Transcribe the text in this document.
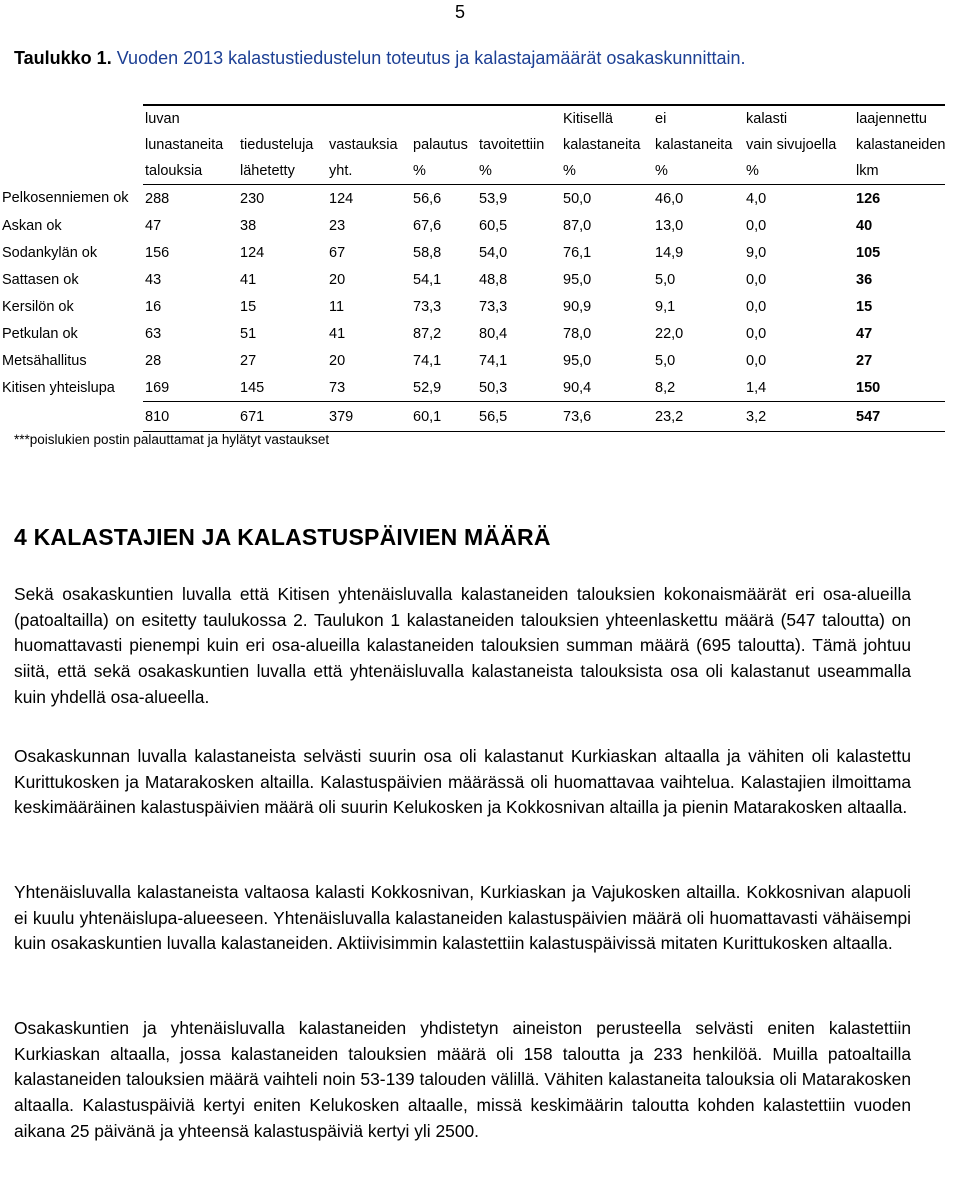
5
Taulukko 1. Vuoden 2013 kalastustiedustelun toteutus ja kalastajamäärät osakaskunnittain.
	luvan					Kitisellä	ei	kalasti	laajennettu
	lunastaneita	tiedusteluja	vastauksia	palautus	tavoitettiin	kalastaneita	kalastaneita	vain sivujoella	kalastaneiden
	talouksia	lähetetty	yht.	%	%	%	%	%	lkm
Pelkosenniemen ok	288	230	124	56,6	53,9	50,0	46,0	4,0	126
Askan ok	47	38	23	67,6	60,5	87,0	13,0	0,0	40
Sodankylän ok	156	124	67	58,8	54,0	76,1	14,9	9,0	105
Sattasen ok	43	41	20	54,1	48,8	95,0	5,0	0,0	36
Kersilön ok	16	15	11	73,3	73,3	90,9	9,1	0,0	15
Petkulan ok	63	51	41	87,2	80,4	78,0	22,0	0,0	47
Metsähallitus	28	27	20	74,1	74,1	95,0	5,0	0,0	27
Kitisen yhteislupa	169	145	73	52,9	50,3	90,4	8,2	1,4	150
	810	671	379	60,1	56,5	73,6	23,2	3,2	547
***poislukien postin palauttamat ja hylätyt vastaukset
4 KALASTAJIEN JA KALASTUSPÄIVIEN MÄÄRÄ

Sekä osakaskuntien luvalla että Kitisen yhtenäisluvalla kalastaneiden talouksien kokonaismäärät eri osa-alueilla (patoaltailla) on esitetty taulukossa 2. Taulukon 1 kalastaneiden talouksien yhteenlaskettu määrä (547 taloutta) on huomattavasti pienempi kuin eri osa-alueilla kalastaneiden talouksien summan määrä (695 taloutta). Tämä johtuu siitä, että sekä osakaskuntien luvalla että yhtenäisluvalla kalastaneista talouksista osa oli kalastanut useammalla kuin yhdellä osa-alueella.

Osakaskunnan luvalla kalastaneista selvästi suurin osa oli kalastanut Kurkiaskan altaalla ja vähiten oli kalastettu Kurittukosken ja Matarakosken altailla. Kalastuspäivien määrässä oli huomattavaa vaihtelua. Kalastajien ilmoittama keskimääräinen kalastuspäivien määrä oli suurin Kelukosken ja Kokkosnivan altailla ja pienin Matarakosken altaalla.

Yhtenäisluvalla kalastaneista valtaosa kalasti Kokkosnivan, Kurkiaskan ja Vajukosken altailla. Kokkosnivan alapuoli ei kuulu yhtenäislupa-alueeseen. Yhtenäisluvalla kalastaneiden kalastuspäivien määrä oli huomattavasti vähäisempi kuin osakaskuntien luvalla kalastaneiden. Aktiivisimmin kalastettiin kalastuspäivissä mitaten Kurittukosken altaalla.

Osakaskuntien ja yhtenäisluvalla kalastaneiden yhdistetyn aineiston perusteella selvästi eniten kalastettiin Kurkiaskan altaalla, jossa kalastaneiden talouksien määrä oli 158 taloutta ja 233 henkilöä. Muilla patoaltailla kalastaneiden talouksien määrä vaihteli noin 53-139 talouden välillä. Vähiten kalastaneita talouksia oli Matarakosken altaalla. Kalastuspäiviä kertyi eniten Kelukosken altaalle, missä keskimäärin taloutta kohden kalastettiin vuoden aikana 25 päivänä ja yhteensä kalastuspäiviä kertyi yli 2500.
